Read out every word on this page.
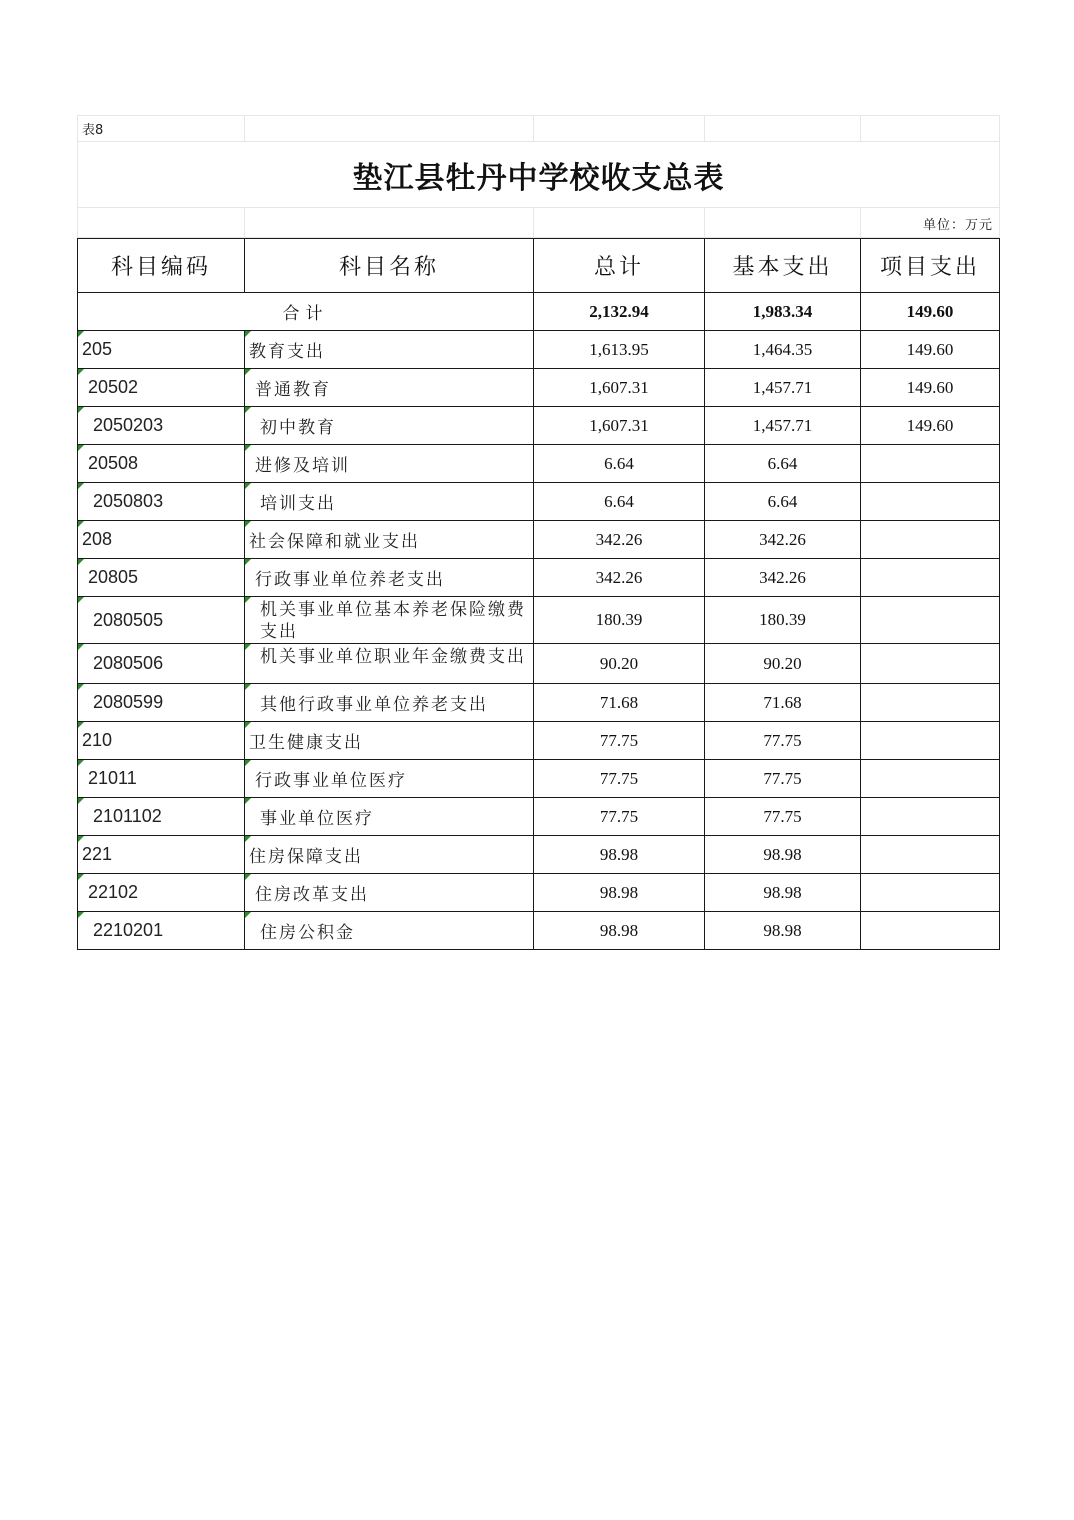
表8				
垫江县牡丹中学校收支总表				
				单位：万元
科目编码	科目名称	总计	基本支出	项目支出
合计		2,132.94	1,983.34	149.60
205	教育支出	1,613.95	1,464.35	149.60
20502	普通教育	1,607.31	1,457.71	149.60
2050203	初中教育	1,607.31	1,457.71	149.60
20508	进修及培训	6.64	6.64	
2050803	培训支出	6.64	6.64	
208	社会保障和就业支出	342.26	342.26	
20805	行政事业单位养老支出	342.26	342.26	
2080505	机关事业单位基本养老保险缴费支出	180.39	180.39	
2080506	机关事业单位职业年金缴费支出	90.20	90.20	
2080599	其他行政事业单位养老支出	71.68	71.68	
210	卫生健康支出	77.75	77.75	
21011	行政事业单位医疗	77.75	77.75	
2101102	事业单位医疗	77.75	77.75	
221	住房保障支出	98.98	98.98	
22102	住房改革支出	98.98	98.98	
2210201	住房公积金	98.98	98.98	
